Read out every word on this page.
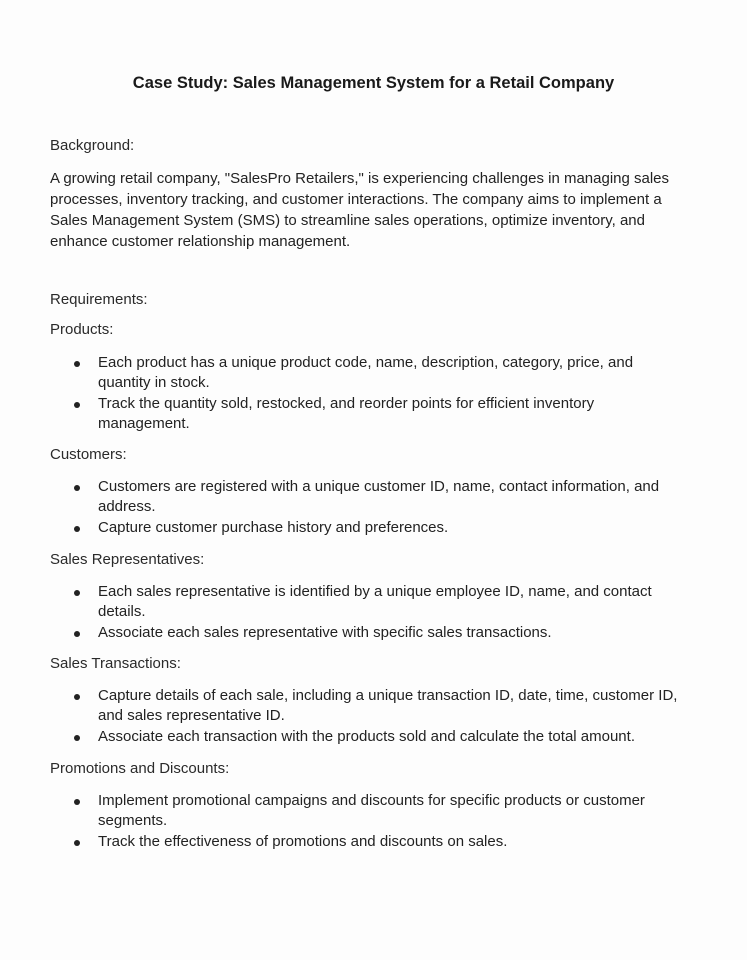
Case Study: Sales Management System for a Retail Company
Background:
A growing retail company, "SalesPro Retailers," is experiencing challenges in managing sales processes, inventory tracking, and customer interactions. The company aims to implement a Sales Management System (SMS) to streamline sales operations, optimize inventory, and enhance customer relationship management.
Requirements:
Products:
Each product has a unique product code, name, description, category, price, and quantity in stock.
Track the quantity sold, restocked, and reorder points for efficient inventory management.
Customers:
Customers are registered with a unique customer ID, name, contact information, and address.
Capture customer purchase history and preferences.
Sales Representatives:
Each sales representative is identified by a unique employee ID, name, and contact details.
Associate each sales representative with specific sales transactions.
Sales Transactions:
Capture details of each sale, including a unique transaction ID, date, time, customer ID, and sales representative ID.
Associate each transaction with the products sold and calculate the total amount.
Promotions and Discounts:
Implement promotional campaigns and discounts for specific products or customer segments.
Track the effectiveness of promotions and discounts on sales.
